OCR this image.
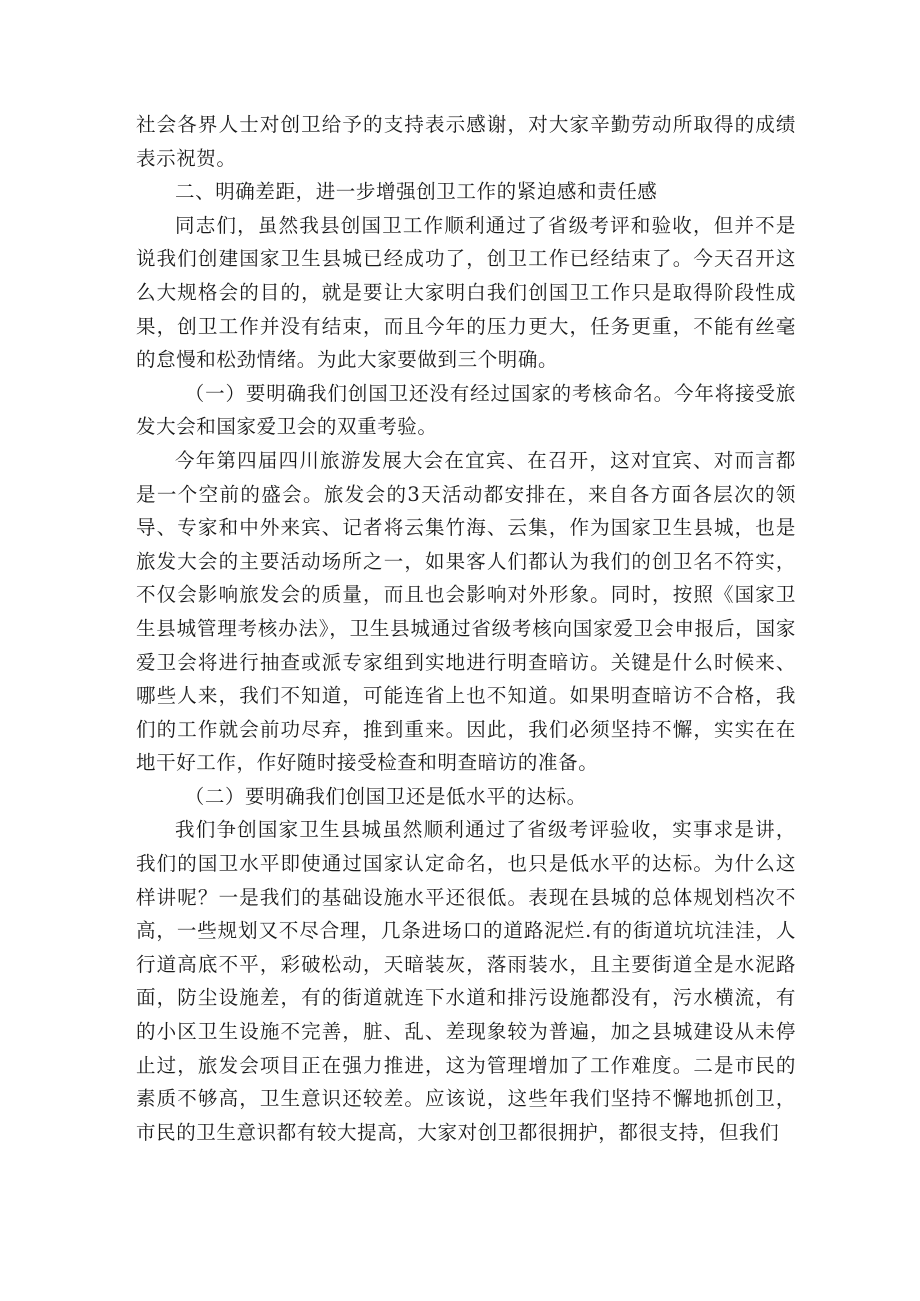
社会各界人士对创卫给予的支持表示感谢，对大家辛勤劳动所取得的成绩表示祝贺。

二、明确差距，进一步增强创卫工作的紧迫感和责任感

同志们，虽然我县创国卫工作顺利通过了省级考评和验收，但并不是说我们创建国家卫生县城已经成功了，创卫工作已经结束了。今天召开这么大规格会的目的，就是要让大家明白我们创国卫工作只是取得阶段性成果，创卫工作并没有结束，而且今年的压力更大，任务更重，不能有丝毫的怠慢和松劲情绪。为此大家要做到三个明确。

（一）要明确我们创国卫还没有经过国家的考核命名。今年将接受旅发大会和国家爱卫会的双重考验。

今年第四届四川旅游发展大会在宜宾、在召开，这对宜宾、对而言都是一个空前的盛会。旅发会的3天活动都安排在，来自各方面各层次的领导、专家和中外来宾、记者将云集竹海、云集，作为国家卫生县城，也是旅发大会的主要活动场所之一，如果客人们都认为我们的创卫名不符实，不仅会影响旅发会的质量，而且也会影响对外形象。同时，按照《国家卫生县城管理考核办法》，卫生县城通过省级考核向国家爱卫会申报后，国家爱卫会将进行抽查或派专家组到实地进行明查暗访。关键是什么时候来、哪些人来，我们不知道，可能连省上也不知道。如果明查暗访不合格，我们的工作就会前功尽弃，推到重来。因此，我们必须坚持不懈，实实在在地干好工作，作好随时接受检查和明查暗访的准备。

（二）要明确我们创国卫还是低水平的达标。

我们争创国家卫生县城虽然顺利通过了省级考评验收，实事求是讲，我们的国卫水平即使通过国家认定命名，也只是低水平的达标。为什么这样讲呢？一是我们的基础设施水平还很低。表现在县城的总体规划档次不高，一些规划又不尽合理，几条进场口的道路泥烂.有的街道坑坑洼洼，人行道高底不平，彩破松动，天暗装灰，落雨装水，且主要街道全是水泥路面，防尘设施差，有的街道就连下水道和排污设施都没有，污水横流，有的小区卫生设施不完善，脏、乱、差现象较为普遍，加之县城建设从未停止过，旅发会项目正在强力推进，这为管理增加了工作难度。二是市民的素质不够高，卫生意识还较差。应该说，这些年我们坚持不懈地抓创卫，市民的卫生意识都有较大提高，大家对创卫都很拥护，都很支持，但我们
